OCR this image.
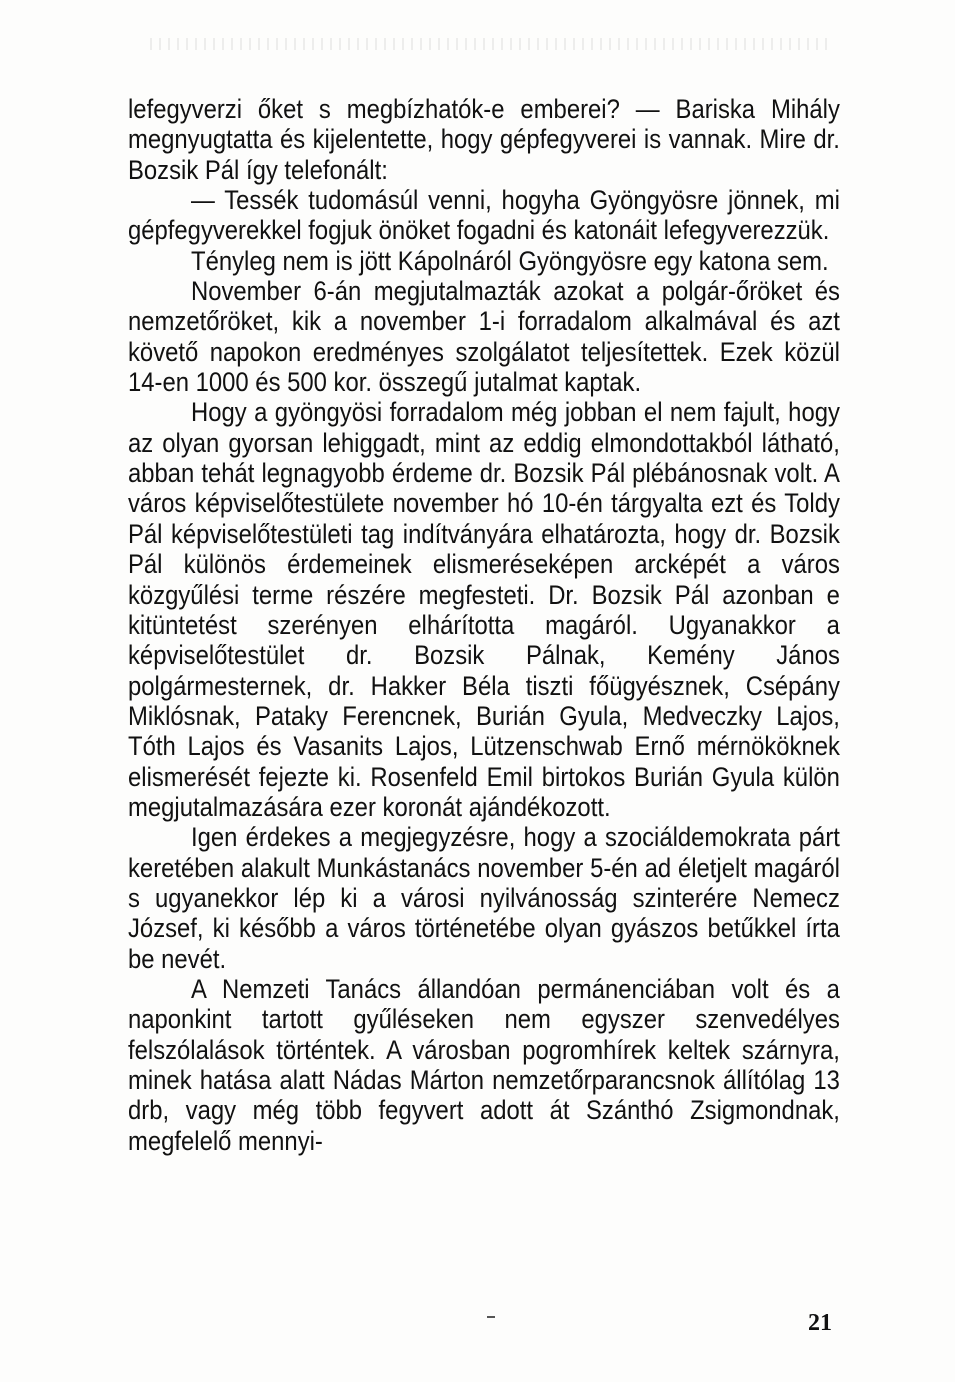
lefegyverzi őket s megbízhatók-e emberei? — Bariska Mihály megnyugtatta és kijelentette, hogy gépfegyverei is vannak. Mire dr. Bozsik Pál így telefonált:

— Tessék tudomásúl venni, hogyha Gyöngyösre jönnek, mi gépfegyverekkel fogjuk önöket fogadni és katonáit lefegyverezzük.

Tényleg nem is jött Kápolnáról Gyöngyösre egy katona sem.

November 6-án megjutalmazták azokat a polgár-őröket és nemzetőröket, kik a november 1-i forradalom alkalmával és azt követő napokon eredményes szolgálatot teljesítettek. Ezek közül 14-en 1000 és 500 kor. összegű jutalmat kaptak.

Hogy a gyöngyösi forradalom még jobban el nem fajult, hogy az olyan gyorsan lehiggadt, mint az eddig elmondottakból látható, abban tehát legnagyobb érdeme dr. Bozsik Pál plébánosnak volt. A város képviselőtestülete november hó 10-én tárgyalta ezt és Toldy Pál képviselőtestületi tag indítványára elhatározta, hogy dr. Bozsik Pál különös érdemeinek elismeréseképen arcképét a város közgyűlési terme részére megfesteti. Dr. Bozsik Pál azonban e kitüntetést szerényen elhárította magáról. Ugyanakkor a képviselőtestület dr. Bozsik Pálnak, Kemény János polgármesternek, dr. Hakker Béla tiszti főügyésznek, Csépány Miklósnak, Pataky Ferencnek, Burián Gyula, Medveczky Lajos, Tóth Lajos és Vasanits Lajos, Lützenschwab Ernő mérnököknek elismerését fejezte ki. Rosenfeld Emil birtokos Burián Gyula külön megjutalmazására ezer koronát ajándékozott.

Igen érdekes a megjegyzésre, hogy a szociáldemokrata párt keretében alakult Munkástanács november 5-én ad életjelt magáról s ugyanekkor lép ki a városi nyilvánosság szinterére Nemecz József, ki később a város történetébe olyan gyászos betűkkel írta be nevét.

A Nemzeti Tanács állandóan permánenciában volt és a naponkint tartott gyűléseken nem egyszer szenvedélyes felszólalások történtek. A városban pogromhírek keltek szárnyra, minek hatása alatt Nádas Márton nemzetőrparancsnok állítólag 13 drb, vagy még több fegyvert adott át Szánthó Zsigmondnak, megfelelő mennyi-

21
